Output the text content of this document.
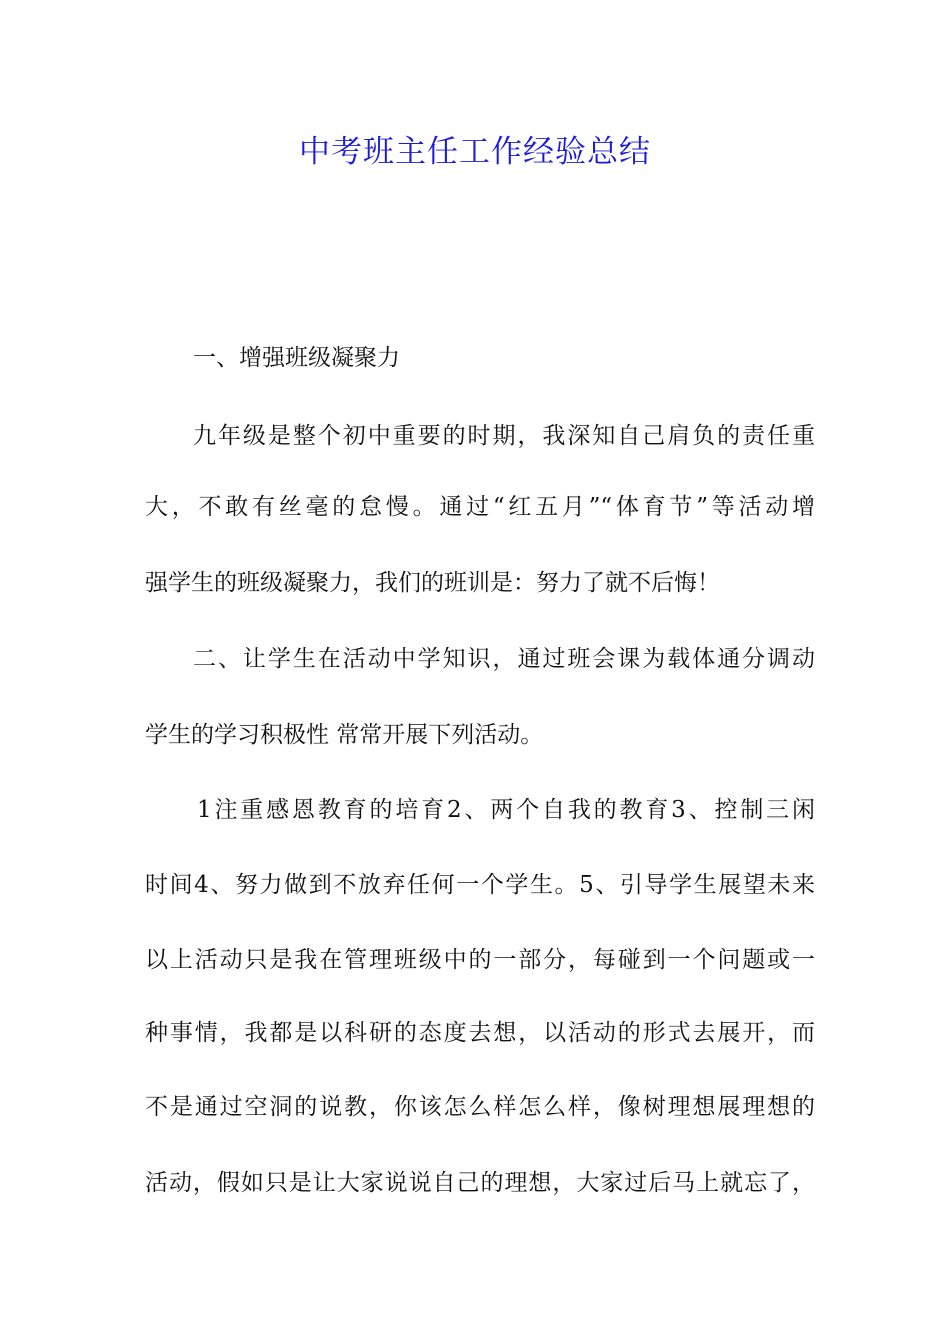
中考班主任工作经验总结

一、增强班级凝聚力

九年级是整个初中重要的时期，我深知自己肩负的责任重

大，不敢有丝毫的怠慢。通过“红五月”“体育节”等活动增

强学生的班级凝聚力，我们的班训是：努力了就不后悔！

二、让学生在活动中学知识，通过班会课为载体通分调动

学生的学习积极性 常常开展下列活动。

1注重感恩教育的培育2、两个自我的教育3、控制三闲

时间4、努力做到不放弃任何一个学生。5、引导学生展望未来

以上活动只是我在管理班级中的一部分，每碰到一个问题或一

种事情，我都是以科研的态度去想，以活动的形式去展开，而

不是通过空洞的说教，你该怎么样怎么样，像树理想展理想的

活动，假如只是让大家说说自己的理想，大家过后马上就忘了，
